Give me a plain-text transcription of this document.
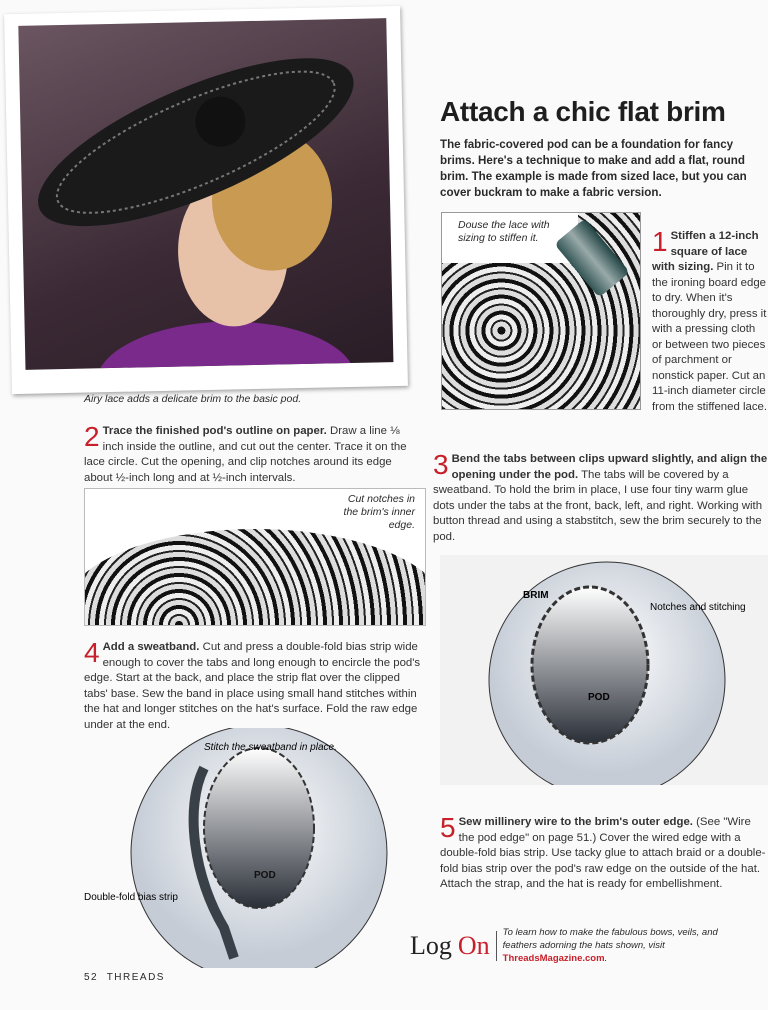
Airy lace adds a delicate brim to the basic pod.
Attach a chic flat brim
The fabric-covered pod can be a foundation for fancy brims. Here's a technique to make and add a flat, round brim. The example is made from sized lace, but you can cover buckram to make a fabric version.
Douse the lace with sizing to stiffen it.	1 Stiffen a 12-inch square of lace with sizing. Pin it to the ironing board edge to dry. When it's thoroughly dry, press it with a pressing cloth or between two pieces of parchment or nonstick paper. Cut an 11-inch diameter circle from the stiffened lace.
2 Trace the finished pod's outline on paper. Draw a line ⅛ inch inside the outline, and cut out the center. Trace it on the lace circle. Cut the opening, and clip notches around its edge about ½-inch long and at ½-inch intervals.
Cut notches in the brim's inner edge.
4 Add a sweatband. Cut and press a double-fold bias strip wide enough to cover the tabs and long enough to encircle the pod's edge. Start at the back, and place the strip flat over the clipped tabs' base. Sew the band in place using small hand stitches within the hat and longer stitches on the hat's surface. Fold the raw edge under at the end.
POD
Stitch the sweatband in place.
Double-fold bias strip
3 Bend the tabs between clips upward slightly, and align the opening under the pod. The tabs will be covered by a sweatband. To hold the brim in place, I use four tiny warm glue dots under the tabs at the front, back, left, and right. Working with button thread and using a stabstitch, sew the brim securely to the pod.
BRIM
POD
Notches and stitching
5 Sew millinery wire to the brim's outer edge. (See "Wire the pod edge" on page 51.) Cover the wired edge with a double-fold bias strip. Use tacky glue to attach braid or a double-fold bias strip over the pod's raw edge on the outside of the hat. Attach the strap, and the hat is ready for embellishment.
Log On To learn how to make the fabulous bows, veils, and feathers adorning the hats shown, visit ThreadsMagazine.com.
52 THREADS
